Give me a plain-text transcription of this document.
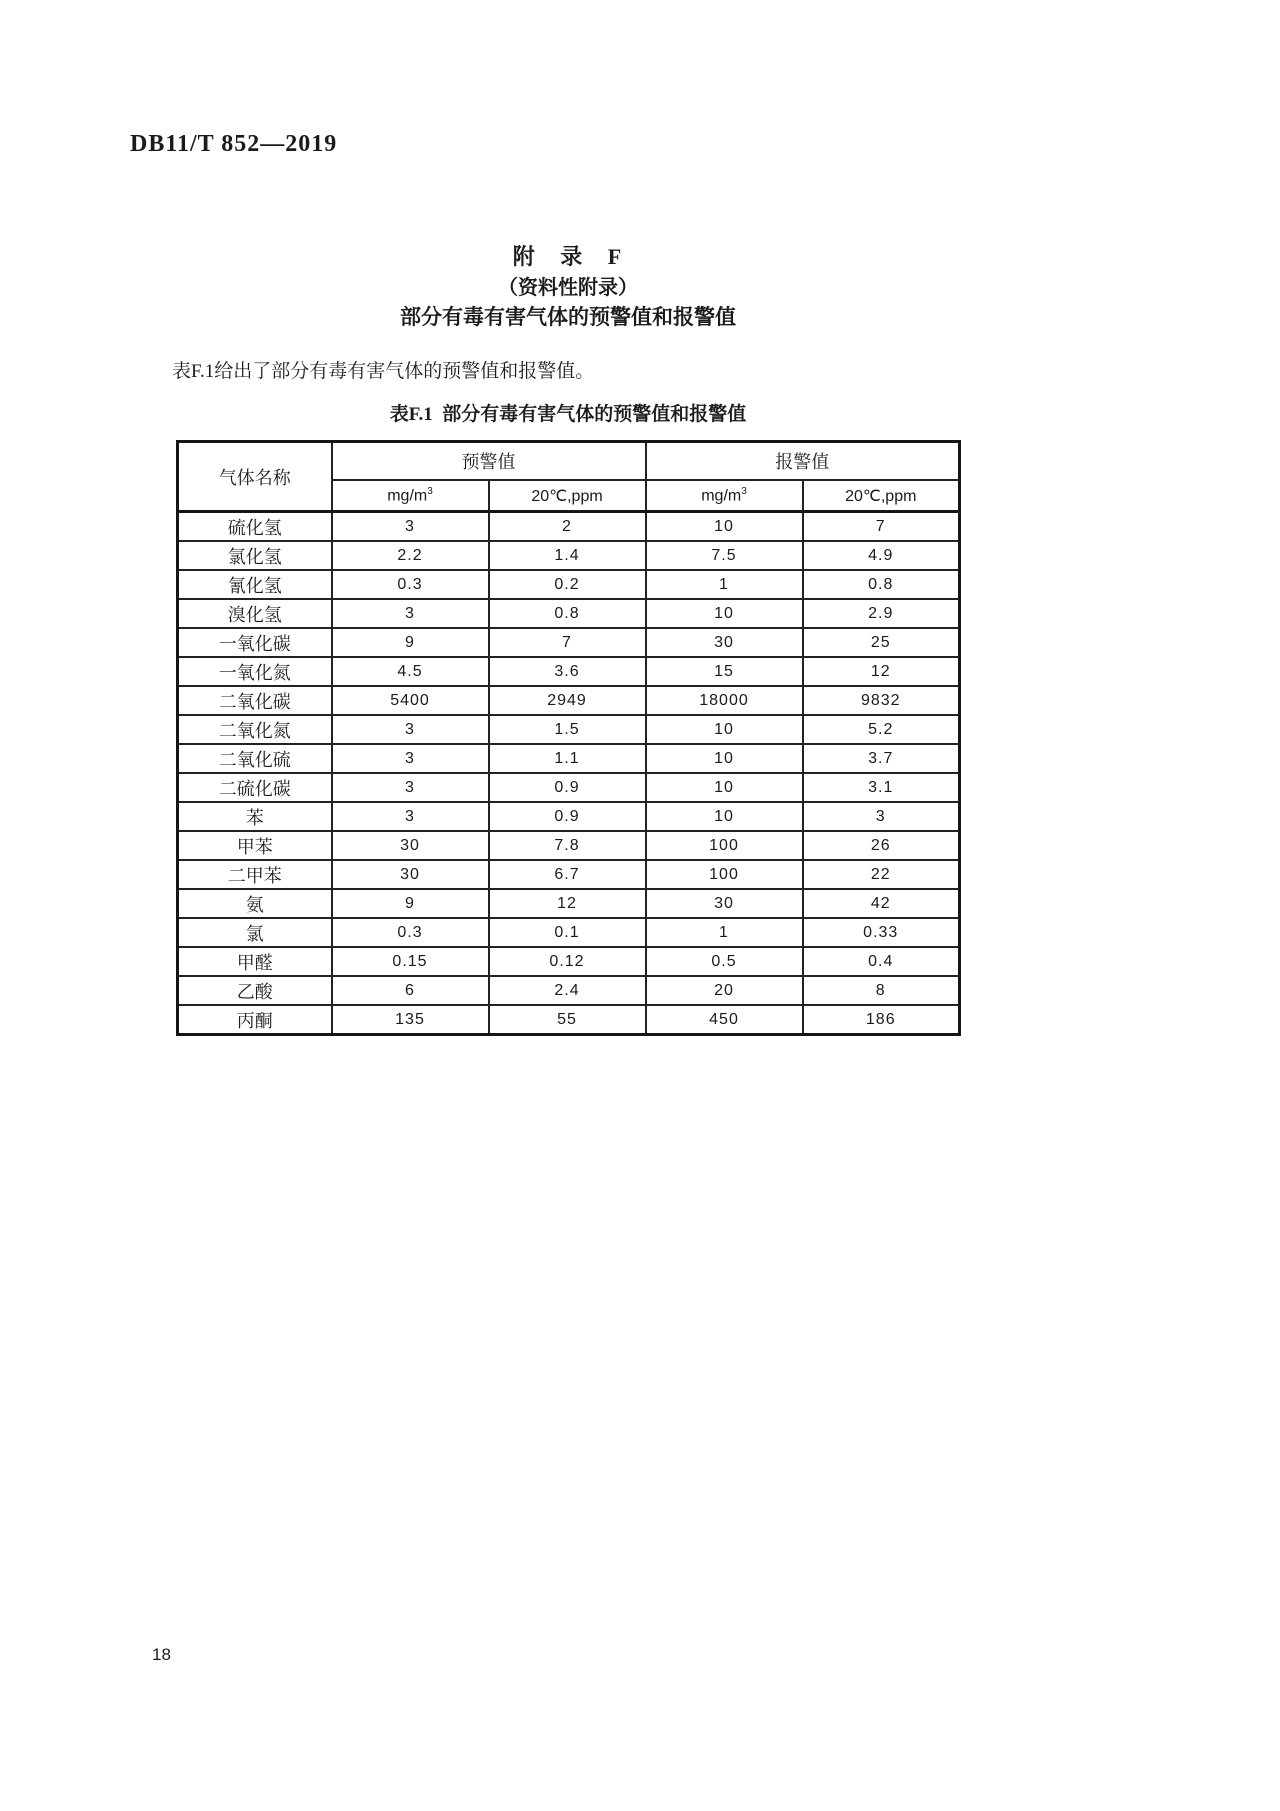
DB11/T 852—2019
附 录 F
（资料性附录）
部分有毒有害气体的预警值和报警值
表F.1给出了部分有毒有害气体的预警值和报警值。
表F.1  部分有毒有害气体的预警值和报警值
气体名称	预警值		报警值	
	$mg/m^3$	20℃,ppm	$mg/m^3$	20℃,ppm
硫化氢	3	2	10	7
氯化氢	2.2	1.4	7.5	4.9
氰化氢	0.3	0.2	1	0.8
溴化氢	3	0.8	10	2.9
一氧化碳	9	7	30	25
一氧化氮	4.5	3.6	15	12
二氧化碳	5400	2949	18000	9832
二氧化氮	3	1.5	10	5.2
二氧化硫	3	1.1	10	3.7
二硫化碳	3	0.9	10	3.1
苯	3	0.9	10	3
甲苯	30	7.8	100	26
二甲苯	30	6.7	100	22
氨	9	12	30	42
氯	0.3	0.1	1	0.33
甲醛	0.15	0.12	0.5	0.4
乙酸	6	2.4	20	8
丙酮	135	55	450	186
18
